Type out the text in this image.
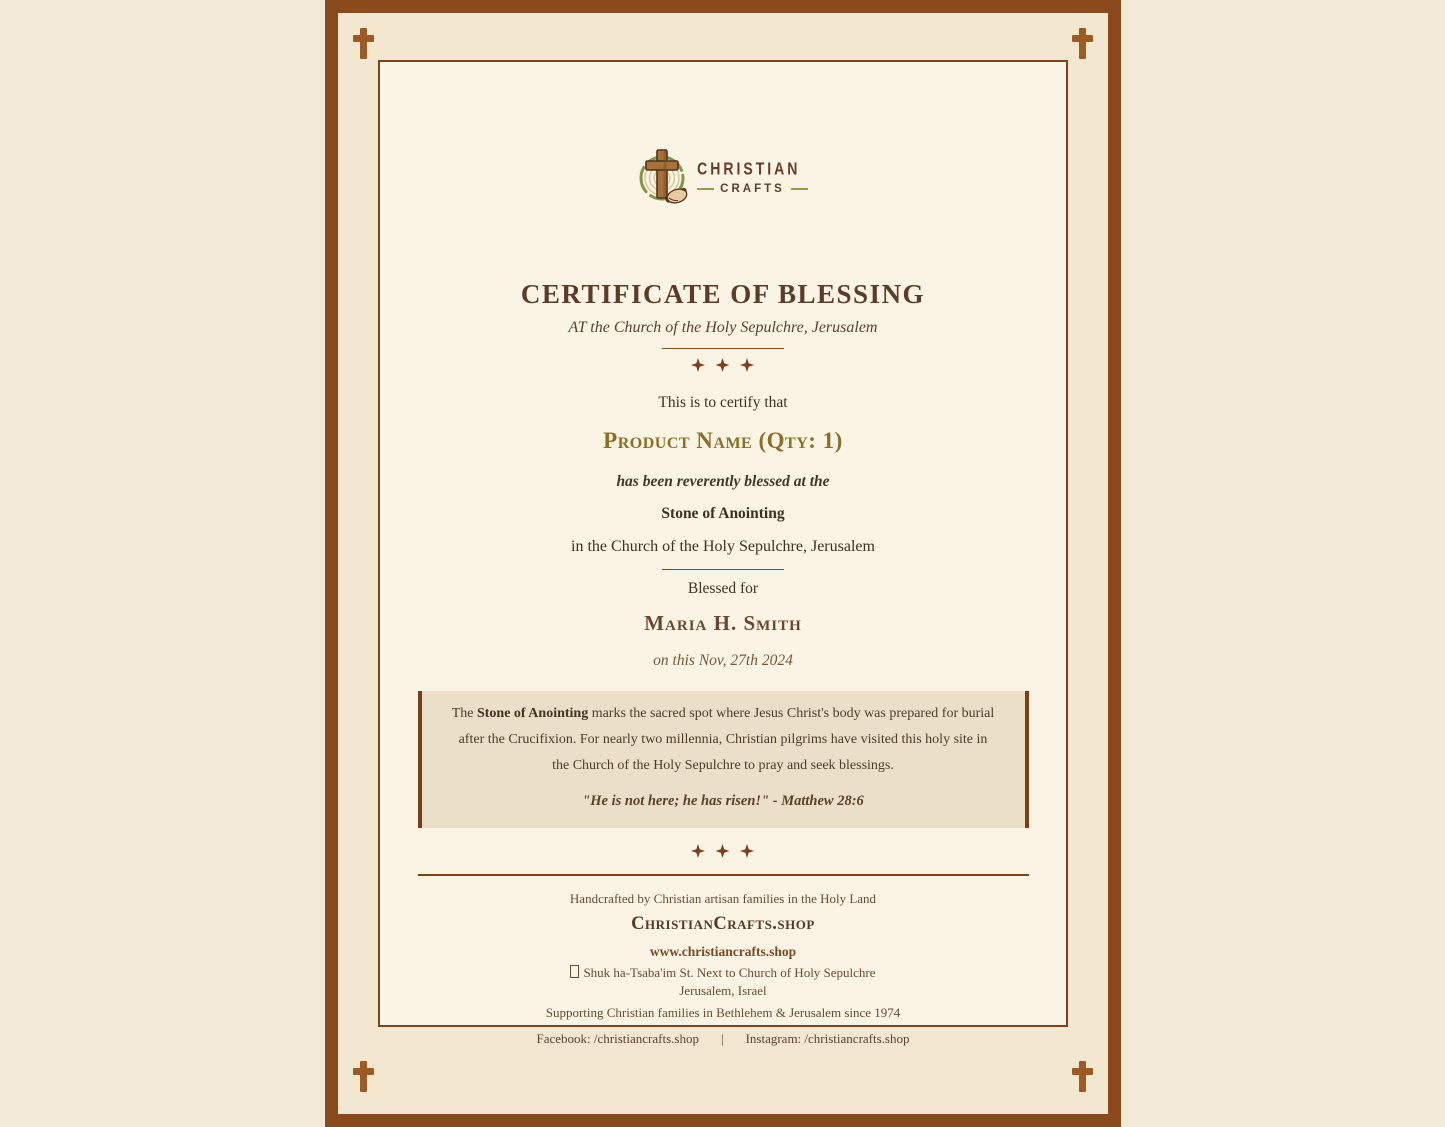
CHRISTIAN
CRAFTS
CERTIFICATE OF BLESSING
AT the Church of the Holy Sepulchre, Jerusalem
This is to certify that
Product Name (Qty: 1)
has been reverently blessed at the
Stone of Anointing
in the Church of the Holy Sepulchre, Jerusalem
Blessed for
Maria H. Smith
on this Nov, 27th 2024
The Stone of Anointing marks the sacred spot where Jesus Christ's body was prepared for burial after the Crucifixion. For nearly two millennia, Christian pilgrims have visited this holy site in the Church of the Holy Sepulchre to pray and seek blessings.
"He is not here; he has risen!" - Matthew 28:6
Handcrafted by Christian artisan families in the Holy Land
ChristianCrafts.shop
www.christiancrafts.shop
Shuk ha-Tsaba'im St. Next to Church of Holy Sepulchre
Jerusalem, Israel
Supporting Christian families in Bethlehem & Jerusalem since 1974
Facebook: /christiancrafts.shop | Instagram: /christiancrafts.shop
